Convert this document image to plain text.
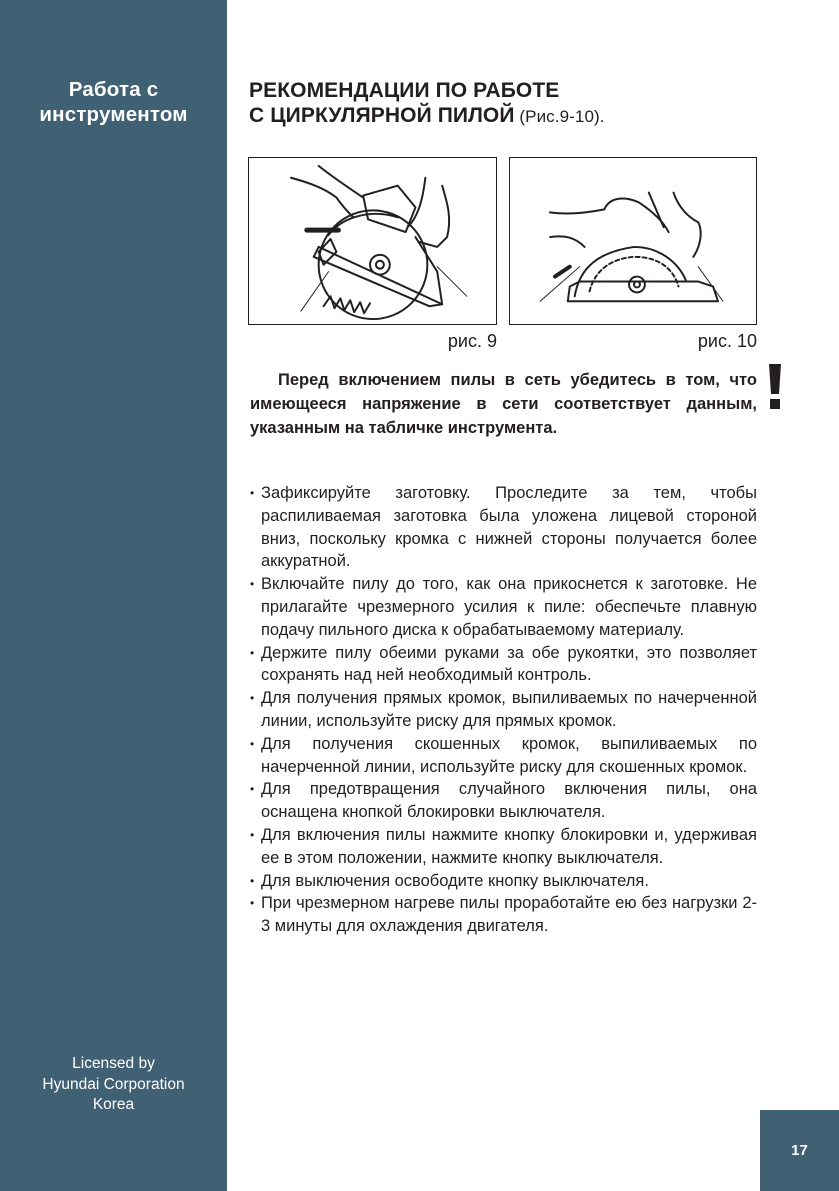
Работа с
инструментом
Licensed by
Hyundai Corporation
Korea
РЕКОМЕНДАЦИИ ПО РАБОТЕ
С ЦИРКУЛЯРНОЙ ПИЛОЙ (Рис.9-10).
рис. 9	рис. 10
Перед включением пилы в сеть убедитесь в том, что имеющееся напряжение в сети соответствует данным, указанным на табличке инструмента.
• Зафиксируйте заготовку. Проследите за тем, чтобы распиливаемая заготовка была уложена лицевой стороной вниз, поскольку кромка с нижней стороны получается более аккуратной.
• Включайте пилу до того, как она прикоснется к заготовке. Не прилагайте чрезмерного усилия к пиле: обеспечьте плавную подачу пильного диска к обрабатываемому материалу.
• Держите пилу обеими руками за обе рукоятки, это позволяет сохранять над ней необходимый контроль.
• Для получения прямых кромок, выпиливаемых по начерченной линии, используйте риску для прямых кромок.
• Для получения скошенных кромок, выпиливаемых по начерченной линии, используйте риску для скошенных кромок.
• Для предотвращения случайного включения пилы, она оснащена кнопкой блокировки выключателя.
• Для включения пилы нажмите кнопку блокировки и, удерживая ее в этом положении, нажмите кнопку выключателя.
• Для выключения освободите кнопку выключателя.
• При чрезмерном нагреве пилы проработайте ею без нагрузки 2-3 минуты для охлаждения двигателя.
17
